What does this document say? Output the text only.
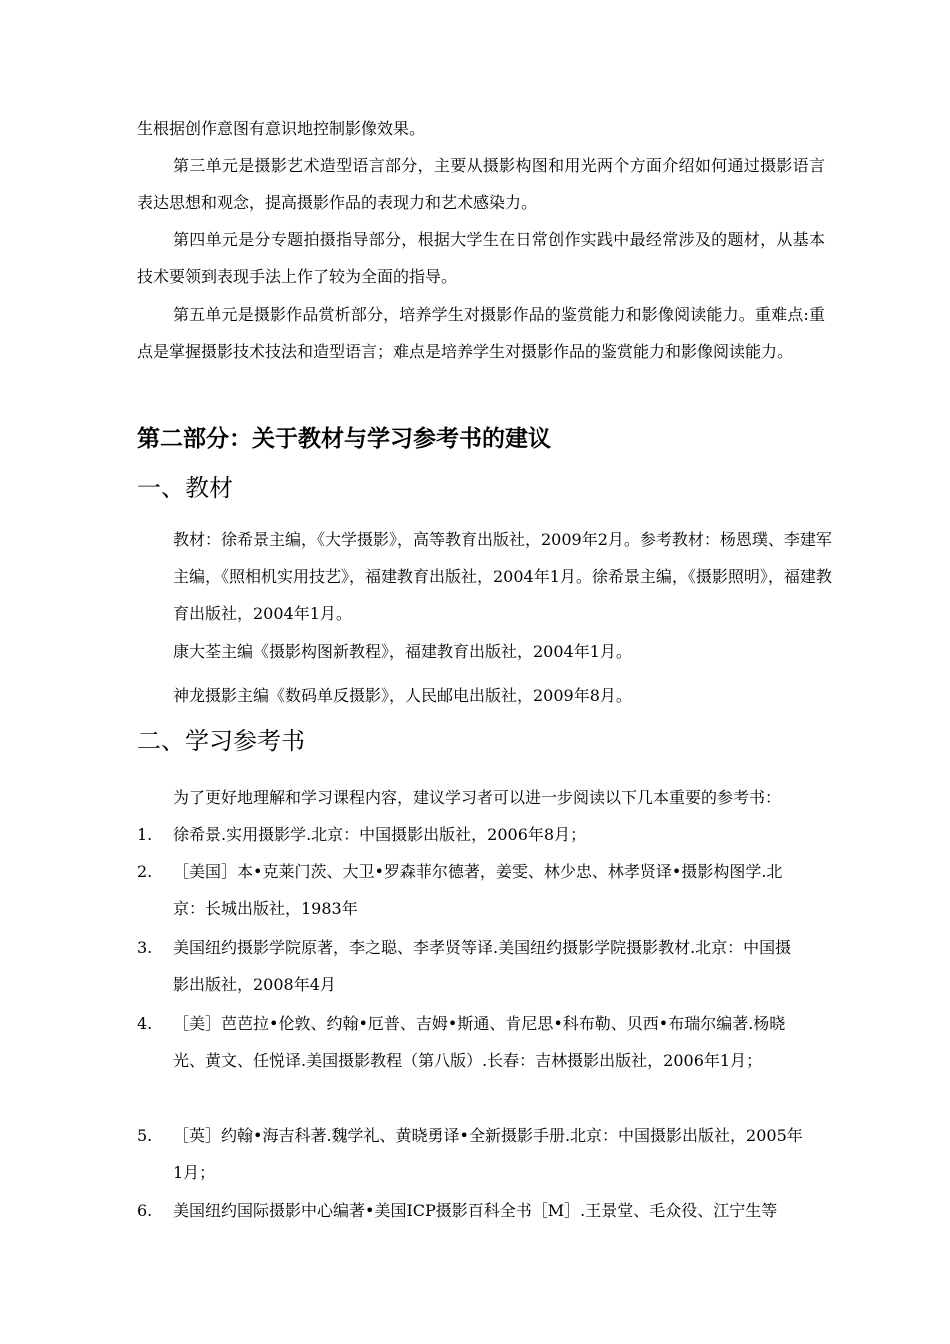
生根据创作意图有意识地控制影像效果。

第三单元是摄影艺术造型语言部分，主要从摄影构图和用光两个方面介绍如何通过摄影语言表达思想和观念，提高摄影作品的表现力和艺术感染力。

第四单元是分专题拍摄指导部分，根据大学生在日常创作实践中最经常涉及的题材，从基本技术要领到表现手法上作了较为全面的指导。

第五单元是摄影作品赏析部分，培养学生对摄影作品的鉴赏能力和影像阅读能力。重难点:重点是掌握摄影技术技法和造型语言；难点是培养学生对摄影作品的鉴赏能力和影像阅读能力。

第二部分：关于教材与学习参考书的建议
一、教材

教材：徐希景主编，《大学摄影》，高等教育出版社，2009年2月。参考教材：杨恩璞、李建军主编，《照相机实用技艺》，福建教育出版社，2004年1月。徐希景主编，《摄影照明》，福建教育出版社，2004年1月。

康大荃主编《摄影构图新教程》，福建教育出版社，2004年1月。

神龙摄影主编《数码单反摄影》，人民邮电出版社，2009年8月。

二、学习参考书

为了更好地理解和学习课程内容，建议学习者可以进一步阅读以下几本重要的参考书：

1. 徐希景.实用摄影学.北京：中国摄影出版社，2006年8月；
2. ［美国］本•克莱门茨、大卫•罗森菲尔德著，姜雯、林少忠、林孝贤译•摄影构图学.北京：长城出版社，1983年
3. 美国纽约摄影学院原著，李之聪、李孝贤等译.美国纽约摄影学院摄影教材.北京：中国摄影出版社，2008年4月
4. ［美］芭芭拉•伦敦、约翰•厄普、吉姆•斯通、肯尼思•科布勒、贝西•布瑞尔编著.杨晓光、黄文、任悦译.美国摄影教程（第八版）.长春：吉林摄影出版社，2006年1月；
5. ［英］约翰•海吉科著.魏学礼、黄晓勇译•全新摄影手册.北京：中国摄影出版社，2005年1月；
6. 美国纽约国际摄影中心编著•美国ICP摄影百科全书［M］.王景堂、毛众役、江宁生等
